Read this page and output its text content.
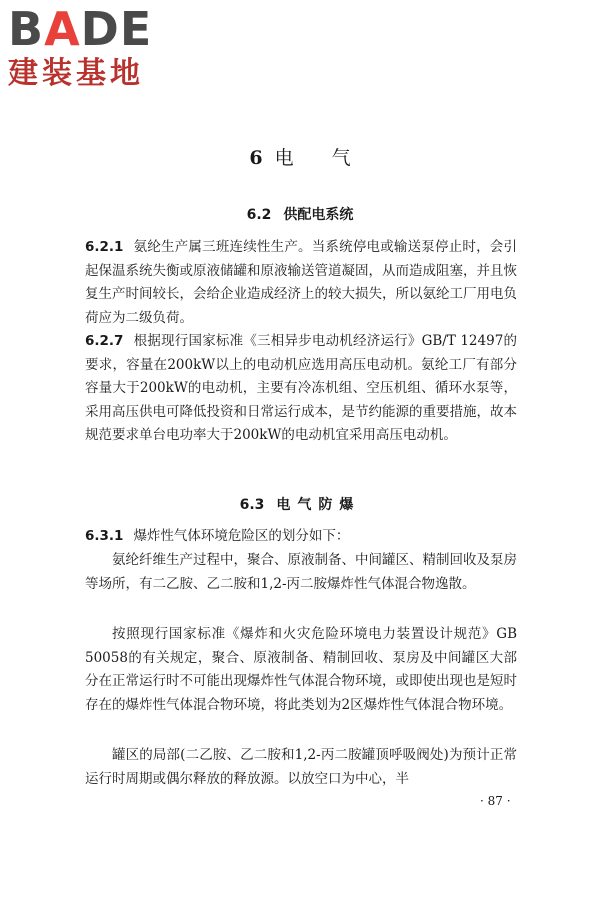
BADE
建装基地
6 电 气
6.2 供配电系统

6.2.1 氨纶生产属三班连续性生产。当系统停电或输送泵停止时，会引起保温系统失衡或原液储罐和原液输送管道凝固，从而造成阻塞，并且恢复生产时间较长，会给企业造成经济上的较大损失，所以氨纶工厂用电负荷应为二级负荷。

6.2.7 根据现行国家标准《三相异步电动机经济运行》GB/T 12497的要求，容量在200kW以上的电动机应选用高压电动机。氨纶工厂有部分容量大于200kW的电动机，主要有冷冻机组、空压机组、循环水泵等，采用高压供电可降低投资和日常运行成本，是节约能源的重要措施，故本规范要求单台电功率大于200kW的电动机宜采用高压电动机。

6.3 电气防爆

6.3.1 爆炸性气体环境危险区的划分如下：

氨纶纤维生产过程中，聚合、原液制备、中间罐区、精制回收及泵房等场所，有二乙胺、乙二胺和1,2-丙二胺爆炸性气体混合物逸散。

按照现行国家标准《爆炸和火灾危险环境电力装置设计规范》GB 50058的有关规定，聚合、原液制备、精制回收、泵房及中间罐区大部分在正常运行时不可能出现爆炸性气体混合物环境，或即使出现也是短时存在的爆炸性气体混合物环境，将此类划为2区爆炸性气体混合物环境。

罐区的局部(二乙胺、乙二胺和1,2-丙二胺罐顶呼吸阀处)为预计正常运行时周期或偶尔释放的释放源。以放空口为中心，半

· 87 ·
